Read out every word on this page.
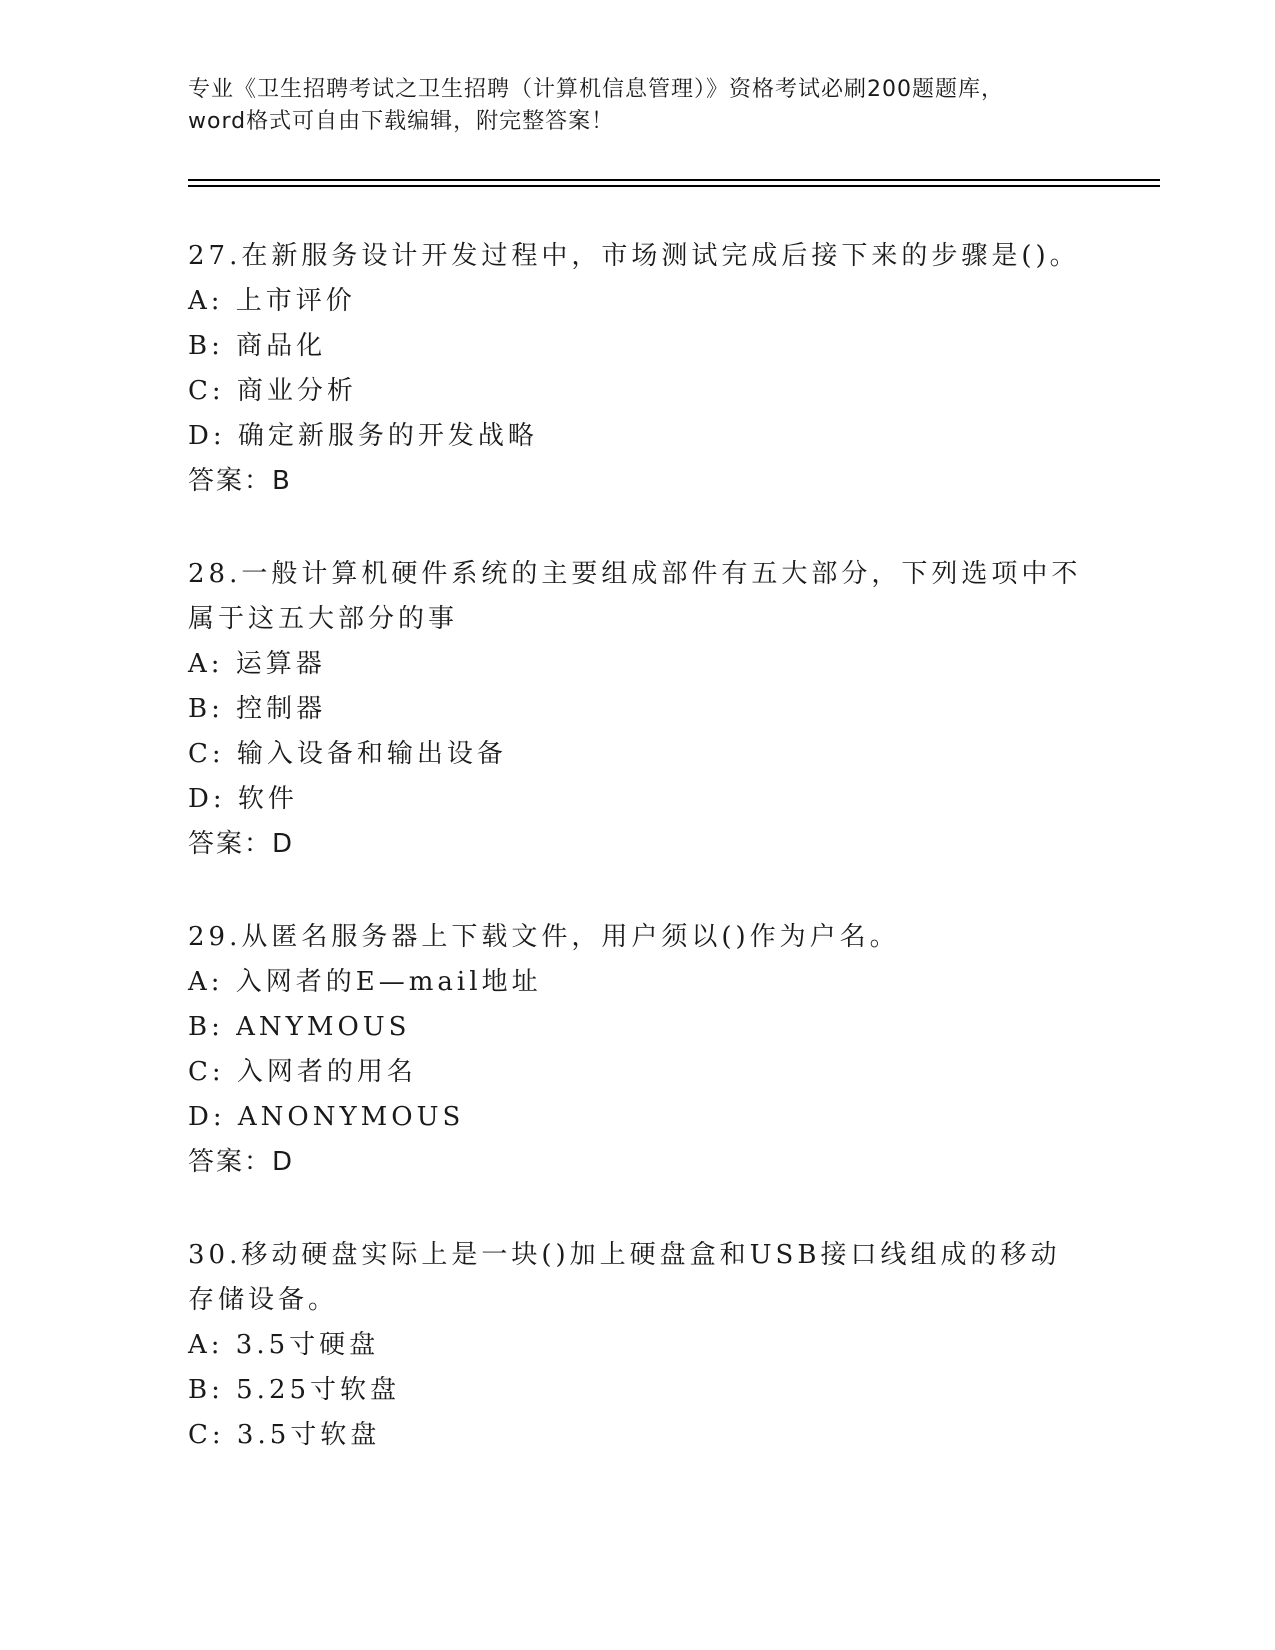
专业《卫生招聘考试之卫生招聘（计算机信息管理）》资格考试必刷200题题库，
word格式可自由下载编辑，附完整答案！
27.在新服务设计开发过程中，市场测试完成后接下来的步骤是()。
A: 上市评价
B: 商品化
C: 商业分析
D: 确定新服务的开发战略
答案：B
28.一般计算机硬件系统的主要组成部件有五大部分，下列选项中不属于这五大部分的事
A: 运算器
B: 控制器
C: 输入设备和输出设备
D: 软件
答案：D
29.从匿名服务器上下载文件，用户须以()作为户名。
A: 入网者的E—mail地址
B: ANYMOUS
C: 入网者的用名
D: ANONYMOUS
答案：D
30.移动硬盘实际上是一块()加上硬盘盒和USB接口线组成的移动存储设备。
A: 3.5寸硬盘
B: 5.25寸软盘
C: 3.5寸软盘
